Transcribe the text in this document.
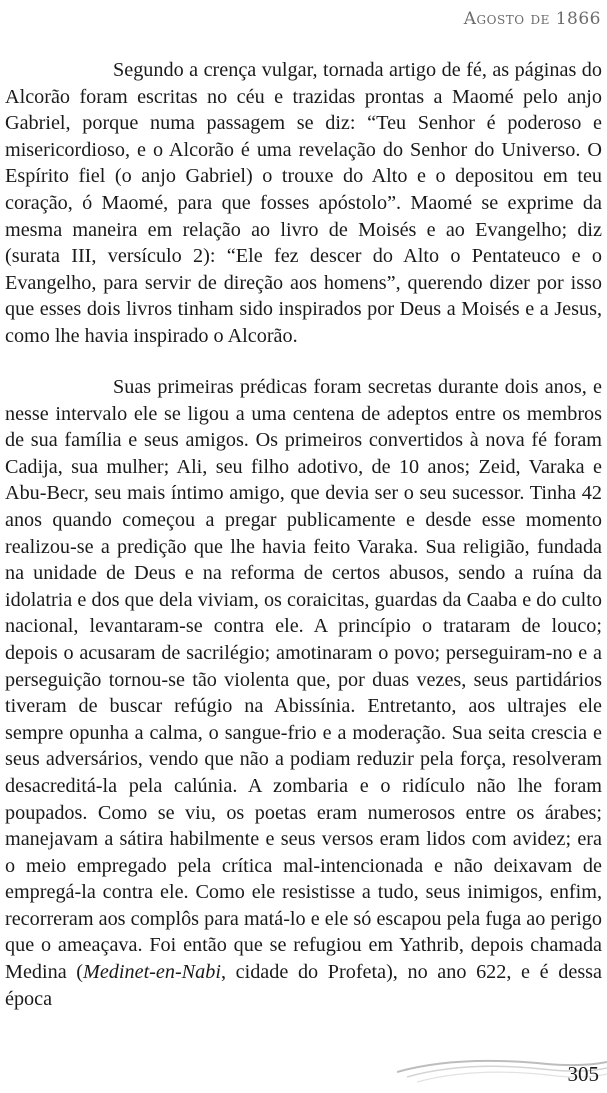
Agosto de 1866

Segundo a crença vulgar, tornada artigo de fé, as páginas do Alcorão foram escritas no céu e trazidas prontas a Maomé pelo anjo Gabriel, porque numa passagem se diz: “Teu Senhor é poderoso e misericordioso, e o Alcorão é uma revelação do Senhor do Universo. O Espírito fiel (o anjo Gabriel) o trouxe do Alto e o depositou em teu coração, ó Maomé, para que fosses apóstolo”. Maomé se exprime da mesma maneira em relação ao livro de Moisés e ao Evangelho; diz (surata III, versículo 2): “Ele fez descer do Alto o Pentateuco e o Evangelho, para servir de direção aos homens”, querendo dizer por isso que esses dois livros tinham sido inspirados por Deus a Moisés e a Jesus, como lhe havia inspirado o Alcorão.

Suas primeiras prédicas foram secretas durante dois anos, e nesse intervalo ele se ligou a uma centena de adeptos entre os membros de sua família e seus amigos. Os primeiros convertidos à nova fé foram Cadija, sua mulher; Ali, seu filho adotivo, de 10 anos; Zeid, Varaka e Abu-Becr, seu mais íntimo amigo, que devia ser o seu sucessor. Tinha 42 anos quando começou a pregar publicamente e desde esse momento realizou-se a predição que lhe havia feito Varaka. Sua religião, fundada na unidade de Deus e na reforma de certos abusos, sendo a ruína da idolatria e dos que dela viviam, os coraicitas, guardas da Caaba e do culto nacional, levantaram-se contra ele. A princípio o trataram de louco; depois o acusaram de sacrilégio; amotinaram o povo; perseguiram-no e a perseguição tornou-se tão violenta que, por duas vezes, seus partidários tiveram de buscar refúgio na Abissínia. Entretanto, aos ultrajes ele sempre opunha a calma, o sangue-frio e a moderação. Sua seita crescia e seus adversários, vendo que não a podiam reduzir pela força, resolveram desacreditá-la pela calúnia. A zombaria e o ridículo não lhe foram poupados. Como se viu, os poetas eram numerosos entre os árabes; manejavam a sátira habilmente e seus versos eram lidos com avidez; era o meio empregado pela crítica mal-intencionada e não deixavam de empregá-la contra ele. Como ele resistisse a tudo, seus inimigos, enfim, recorreram aos complôs para matá-lo e ele só escapou pela fuga ao perigo que o ameaçava. Foi então que se refugiou em Yathrib, depois chamada Medina (Medinet-en-Nabi, cidade do Profeta), no ano 622, e é dessa época

305
